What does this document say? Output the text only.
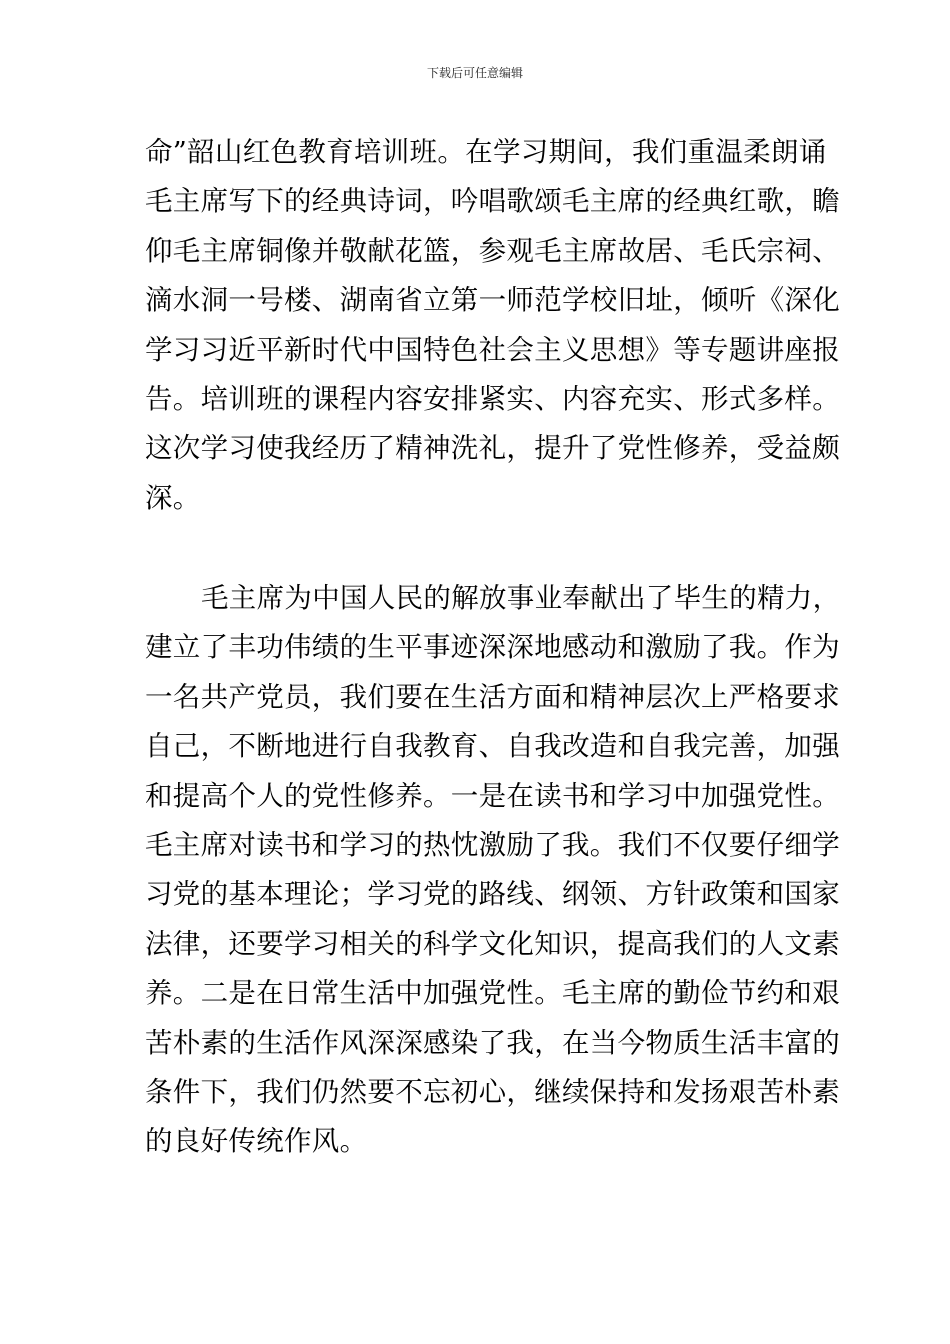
下载后可任意编辑
命”韶山红色教育培训班。在学习期间，我们重温柔朗诵
毛主席写下的经典诗词，吟唱歌颂毛主席的经典红歌，瞻
仰毛主席铜像并敬献花篮，参观毛主席故居、毛氏宗祠、
滴水洞一号楼、湖南省立第一师范学校旧址，倾听《深化
学习习近平新时代中国特色社会主义思想》等专题讲座报
告。培训班的课程内容安排紧实、内容充实、形式多样。
这次学习使我经历了精神洗礼，提升了党性修养，受益颇
深。
毛主席为中国人民的解放事业奉献出了毕生的精力，
建立了丰功伟绩的生平事迹深深地感动和激励了我。作为
一名共产党员，我们要在生活方面和精神层次上严格要求
自己，不断地进行自我教育、自我改造和自我完善，加强
和提高个人的党性修养。一是在读书和学习中加强党性。
毛主席对读书和学习的热忱激励了我。我们不仅要仔细学
习党的基本理论；学习党的路线、纲领、方针政策和国家
法律，还要学习相关的科学文化知识，提高我们的人文素
养。二是在日常生活中加强党性。毛主席的勤俭节约和艰
苦朴素的生活作风深深感染了我，在当今物质生活丰富的
条件下，我们仍然要不忘初心，继续保持和发扬艰苦朴素
的良好传统作风。
